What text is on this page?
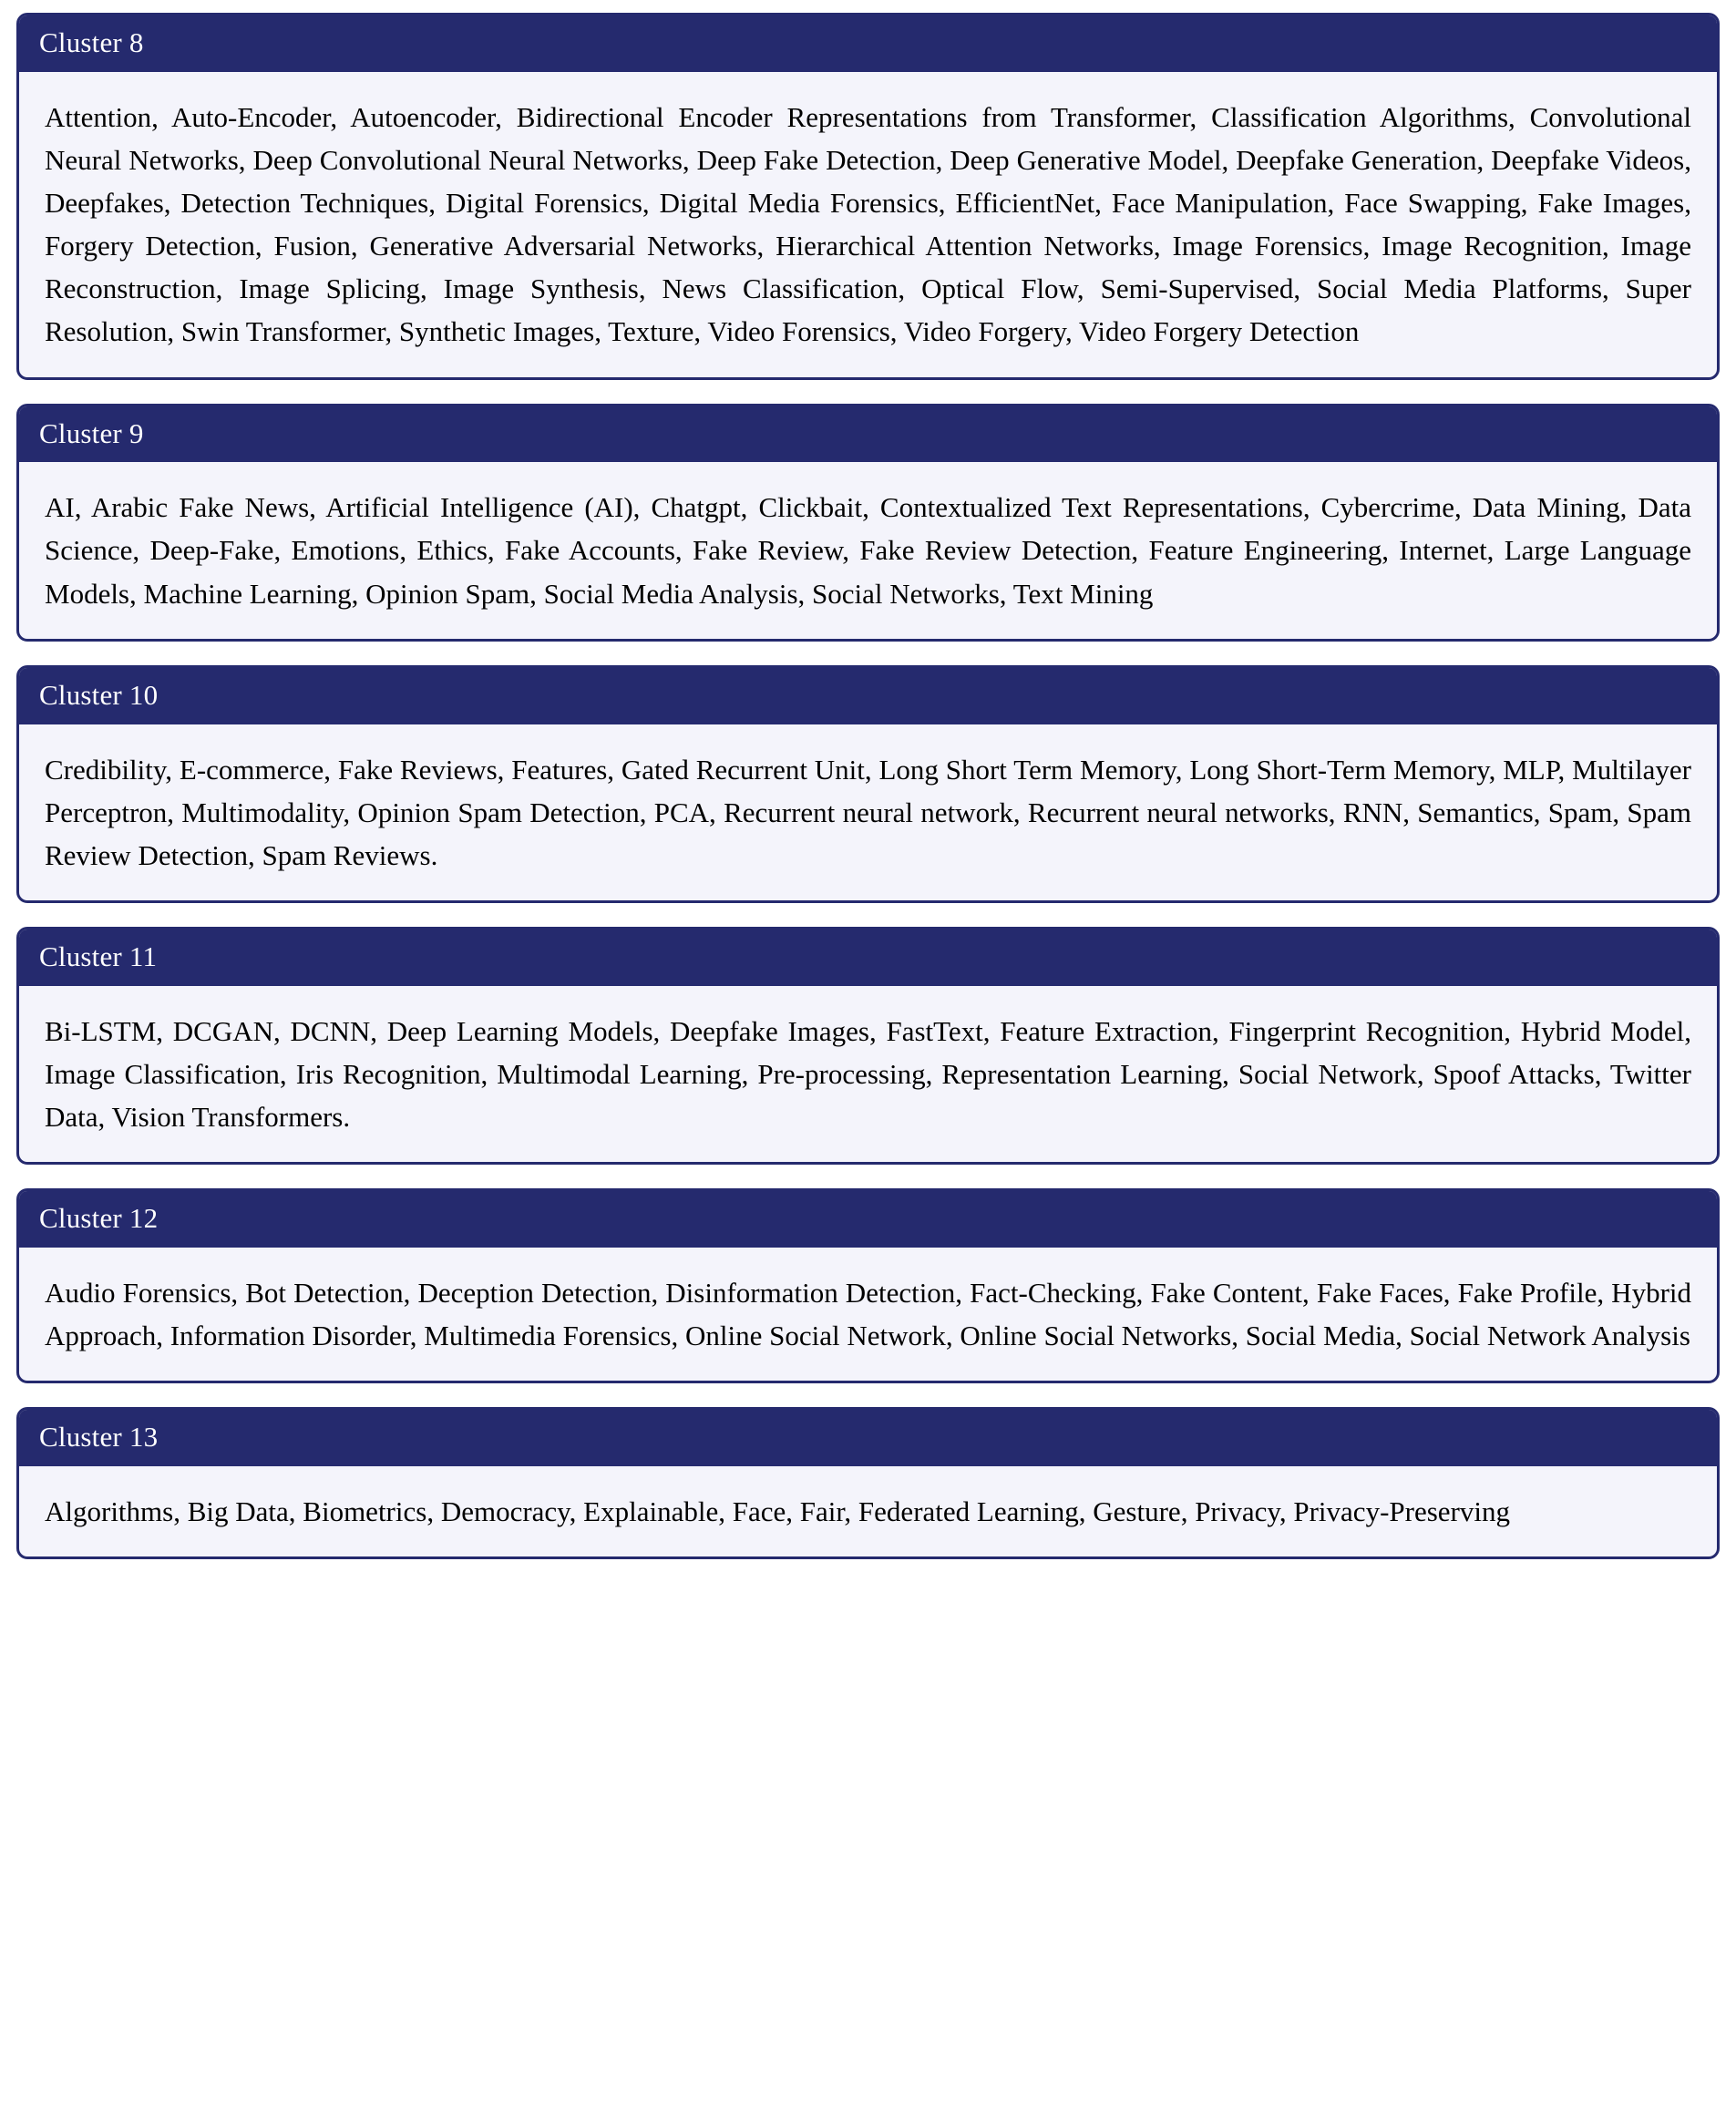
Cluster 8
Attention, Auto-Encoder, Autoencoder, Bidirectional Encoder Representations from Transformer, Classification Algorithms, Convolutional Neural Networks, Deep Convolutional Neural Networks, Deep Fake Detection, Deep Generative Model, Deepfake Generation, Deepfake Videos, Deepfakes, Detection Techniques, Digital Forensics, Digital Media Forensics, EfficientNet, Face Manipulation, Face Swapping, Fake Images, Forgery Detection, Fusion, Generative Adversarial Networks, Hierarchical Attention Networks, Image Forensics, Image Recognition, Image Reconstruction, Image Splicing, Image Synthesis, News Classification, Optical Flow, Semi-Supervised, Social Media Platforms, Super Resolution, Swin Transformer, Synthetic Images, Texture, Video Forensics, Video Forgery, Video Forgery Detection
Cluster 9
AI, Arabic Fake News, Artificial Intelligence (AI), Chatgpt, Clickbait, Contextualized Text Representations, Cybercrime, Data Mining, Data Science, Deep-Fake, Emotions, Ethics, Fake Accounts, Fake Review, Fake Review Detection, Feature Engineering, Internet, Large Language Models, Machine Learning, Opinion Spam, Social Media Analysis, Social Networks, Text Mining
Cluster 10
Credibility, E-commerce, Fake Reviews, Features, Gated Recurrent Unit, Long Short Term Memory, Long Short-Term Memory, MLP, Multilayer Perceptron, Multimodality, Opinion Spam Detection, PCA, Recurrent neural network, Recurrent neural networks, RNN, Semantics, Spam, Spam Review Detection, Spam Reviews.
Cluster 11
Bi-LSTM, DCGAN, DCNN, Deep Learning Models, Deepfake Images, FastText, Feature Extraction, Fingerprint Recognition, Hybrid Model, Image Classification, Iris Recognition, Multimodal Learning, Pre-processing, Representation Learning, Social Network, Spoof Attacks, Twitter Data, Vision Transformers.
Cluster 12
Audio Forensics, Bot Detection, Deception Detection, Disinformation Detection, Fact-Checking, Fake Content, Fake Faces, Fake Profile, Hybrid Approach, Information Disorder, Multimedia Forensics, Online Social Network, Online Social Networks, Social Media, Social Network Analysis
Cluster 13
Algorithms, Big Data, Biometrics, Democracy, Explainable, Face, Fair, Federated Learning, Gesture, Privacy, Privacy-Preserving
